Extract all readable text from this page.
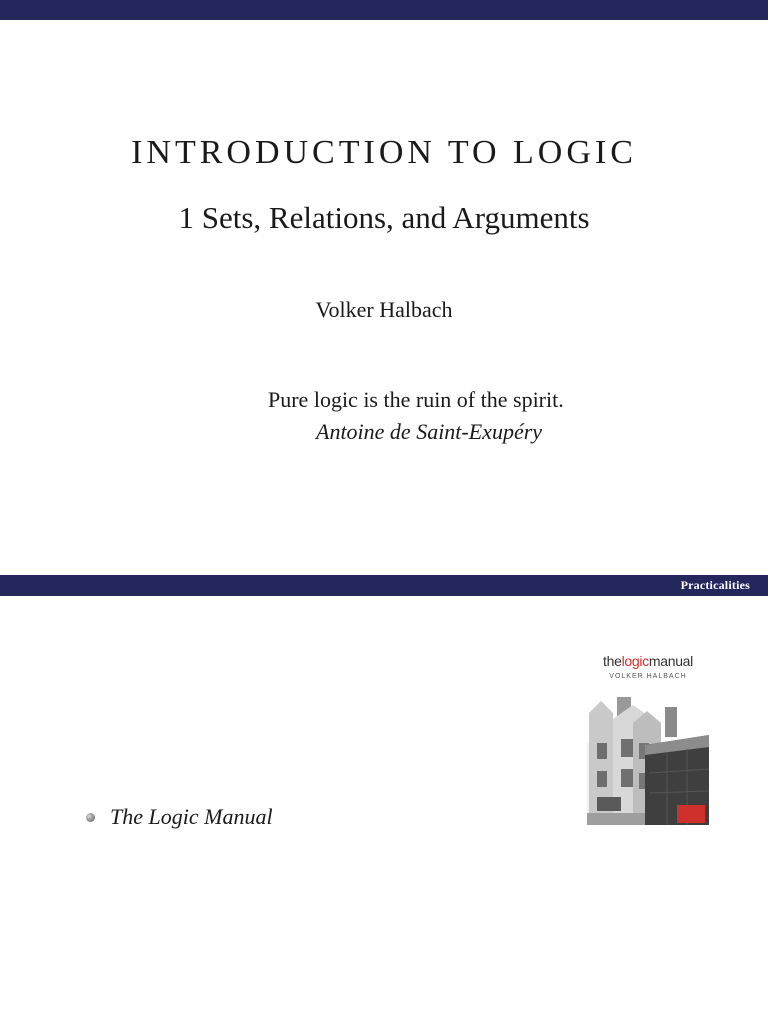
INTRODUCTION TO LOGIC
1 Sets, Relations, and Arguments
Volker Halbach
Pure logic is the ruin of the spirit.
Antoine de Saint-Exupéry
Practicalities
The Logic Manual
thelogicmanual
VOLKER HALBACH
